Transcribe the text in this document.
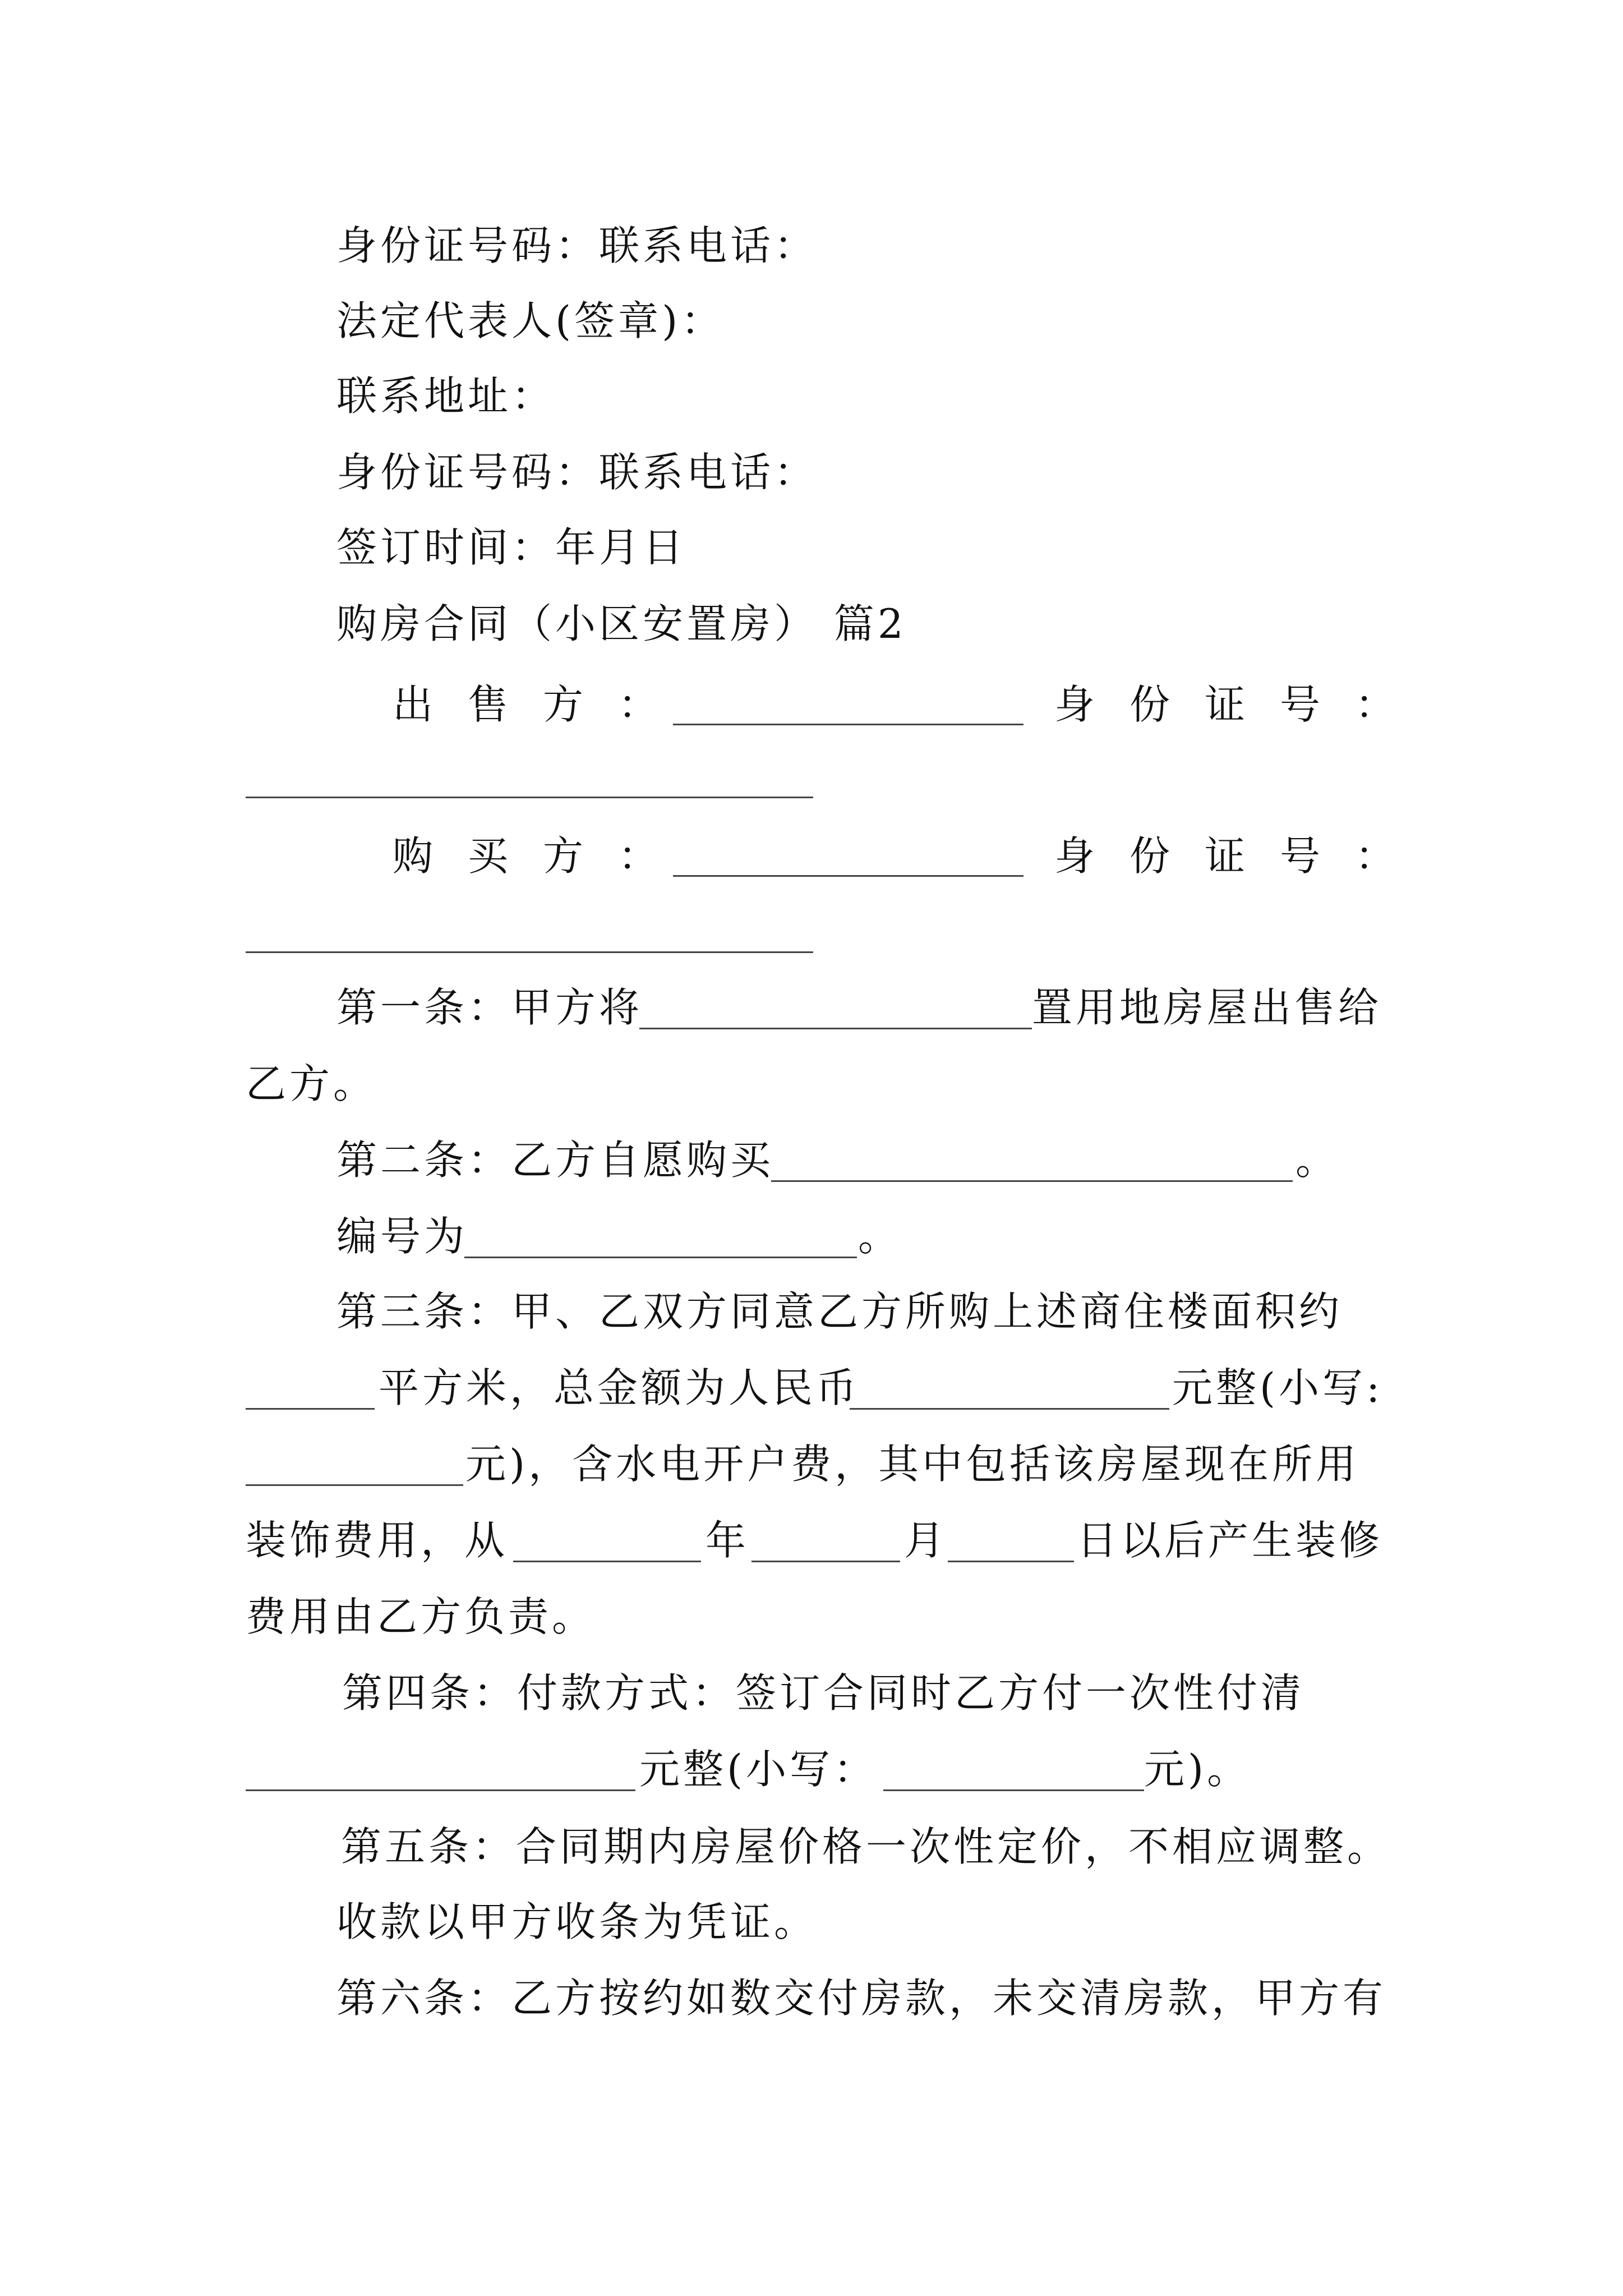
身份证号码：联系电话：
法定代表人(签章)：
联系地址：
身份证号码：联系电话：
签订时间：年月日
购房合同（小区安置房） 篇2
出售方：	身份证号：
购买方：	身份证号：
第一条：甲方将	置用地房屋出售给
乙方。
第二条：乙方自愿购买	。
编号为	。
第三条：甲、乙双方同意乙方所购上述商住楼面积约
平方米，总金额为人民币	元整(小写:
元)，含水电开户费，其中包括该房屋现在所用
装饰费用，从	年	月	日以后产生装修
费用由乙方负责。
第四条：付款方式：签订合同时乙方付一次性付清
元整(小写：	元)。
第五条：合同期内房屋价格一次性定价，不相应调整。
收款以甲方收条为凭证。
第六条：乙方按约如数交付房款，未交清房款，甲方有
